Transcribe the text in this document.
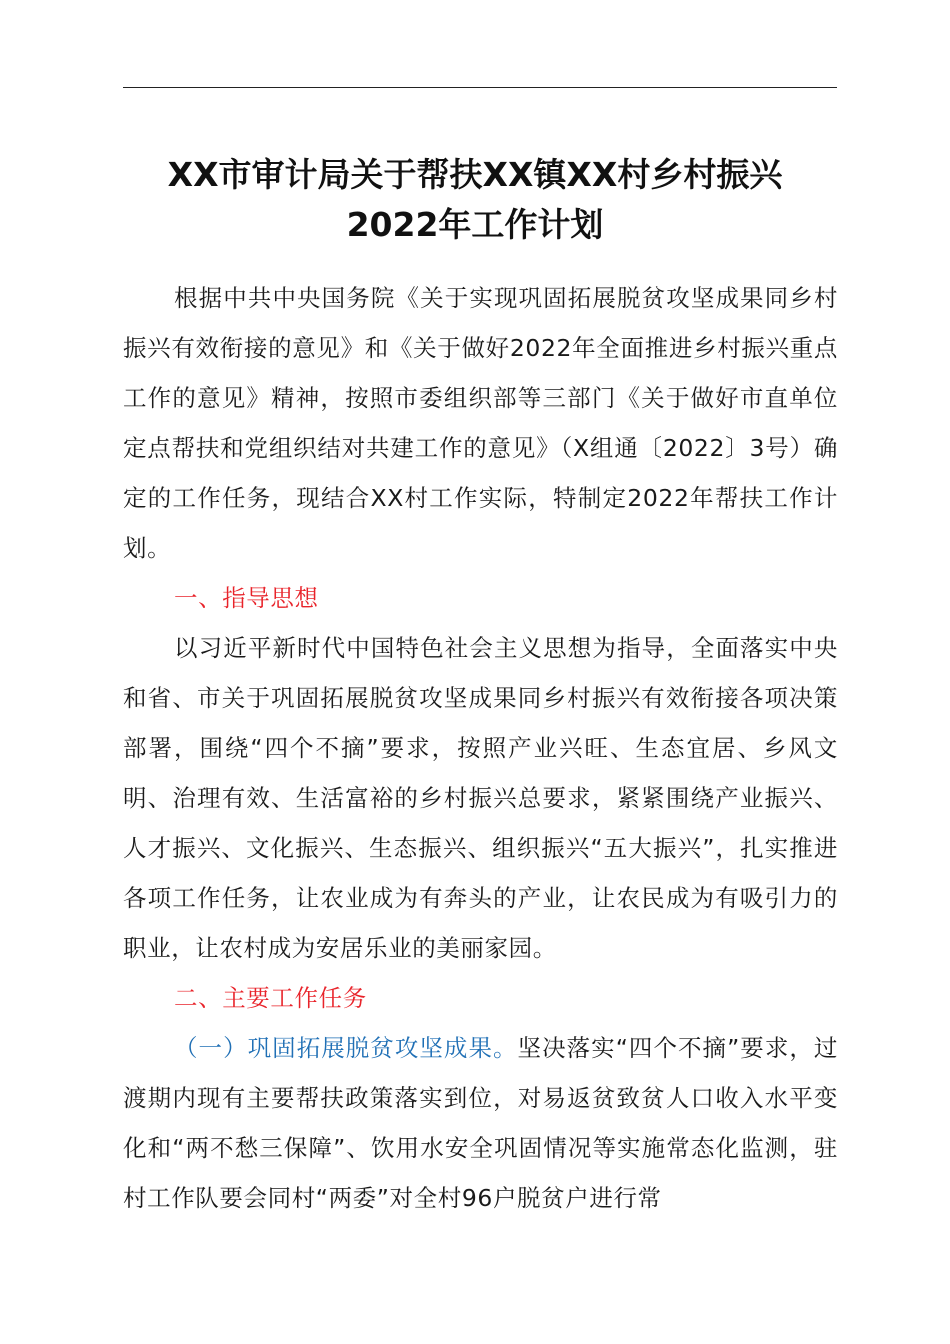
XX市审计局关于帮扶XX镇XX村乡村振兴
2022年工作计划

根据中共中央国务院《关于实现巩固拓展脱贫攻坚成果同乡村振兴有效衔接的意见》和《关于做好2022年全面推进乡村振兴重点工作的意见》精神，按照市委组织部等三部门《关于做好市直单位定点帮扶和党组织结对共建工作的意见》（X组通〔2022〕3号）确定的工作任务，现结合XX村工作实际，特制定2022年帮扶工作计划。

一、指导思想

以习近平新时代中国特色社会主义思想为指导，全面落实中央和省、市关于巩固拓展脱贫攻坚成果同乡村振兴有效衔接各项决策部署，围绕“四个不摘”要求，按照产业兴旺、生态宜居、乡风文明、治理有效、生活富裕的乡村振兴总要求，紧紧围绕产业振兴、人才振兴、文化振兴、生态振兴、组织振兴“五大振兴”，扎实推进各项工作任务，让农业成为有奔头的产业，让农民成为有吸引力的职业，让农村成为安居乐业的美丽家园。

二、主要工作任务

（一）巩固拓展脱贫攻坚成果。坚决落实“四个不摘”要求，过渡期内现有主要帮扶政策落实到位，对易返贫致贫人口收入水平变化和“两不愁三保障”、饮用水安全巩固情况等实施常态化监测，驻村工作队要会同村“两委”对全村96户脱贫户进行常
